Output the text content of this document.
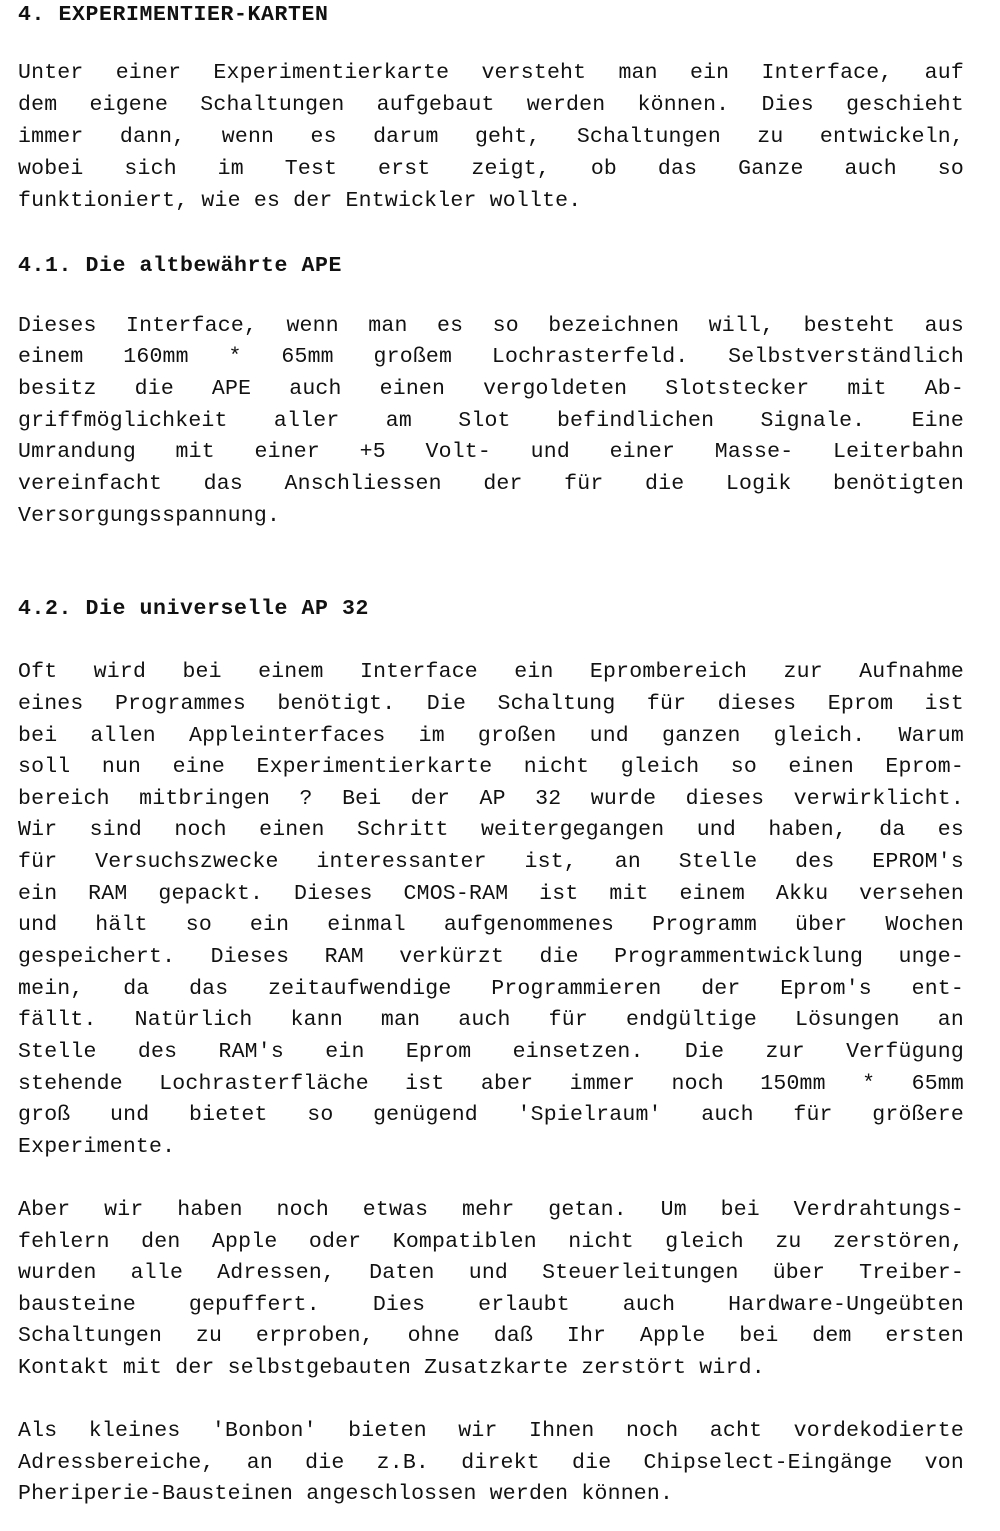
4. EXPERIMENTIER-KARTEN
Unter einer Experimentierkarte versteht man ein Interface, auf
dem eigene Schaltungen aufgebaut werden können. Dies geschieht
immer dann, wenn es darum geht, Schaltungen zu entwickeln,
wobei sich im Test erst zeigt, ob das Ganze auch so
funktioniert, wie es der Entwickler wollte.
4.1. Die altbewährte APE
Dieses Interface, wenn man es so bezeichnen will, besteht aus
einem 160mm * 65mm großem Lochrasterfeld. Selbstverständlich
besitz die APE auch einen vergoldeten Slotstecker mit Ab-
griffmöglichkeit aller am Slot befindlichen Signale. Eine
Umrandung mit einer +5 Volt- und einer Masse- Leiterbahn
vereinfacht das Anschliessen der für die Logik benötigten
Versorgungsspannung.
4.2. Die universelle AP 32
Oft wird bei einem Interface ein Eprombereich zur Aufnahme
eines Programmes benötigt. Die Schaltung für dieses Eprom ist
bei allen Appleinterfaces im großen und ganzen gleich. Warum
soll nun eine Experimentierkarte nicht gleich so einen Eprom-
bereich mitbringen ? Bei der AP 32 wurde dieses verwirklicht.
Wir sind noch einen Schritt weitergegangen und haben, da es
für Versuchszwecke interessanter ist, an Stelle des EPROM's
ein RAM gepackt. Dieses CMOS-RAM ist mit einem Akku versehen
und hält so ein einmal aufgenommenes Programm über Wochen
gespeichert. Dieses RAM verkürzt die Programmentwicklung unge-
mein, da das zeitaufwendige Programmieren der Eprom's ent-
fällt. Natürlich kann man auch für endgültige Lösungen an
Stelle des RAM's ein Eprom einsetzen. Die zur Verfügung
stehende Lochrasterfläche ist aber immer noch 150mm * 65mm
groß und bietet so genügend 'Spielraum' auch für größere
Experimente.
Aber wir haben noch etwas mehr getan. Um bei Verdrahtungs-
fehlern den Apple oder Kompatiblen nicht gleich zu zerstören,
wurden alle Adressen, Daten und Steuerleitungen über Treiber-
bausteine gepuffert. Dies erlaubt auch Hardware-Ungeübten
Schaltungen zu erproben, ohne daß Ihr Apple bei dem ersten
Kontakt mit der selbstgebauten Zusatzkarte zerstört wird.
Als kleines 'Bonbon' bieten wir Ihnen noch acht vordekodierte
Adressbereiche, an die z.B. direkt die Chipselect-Eingänge von
Pheriperie-Bausteinen angeschlossen werden können.
